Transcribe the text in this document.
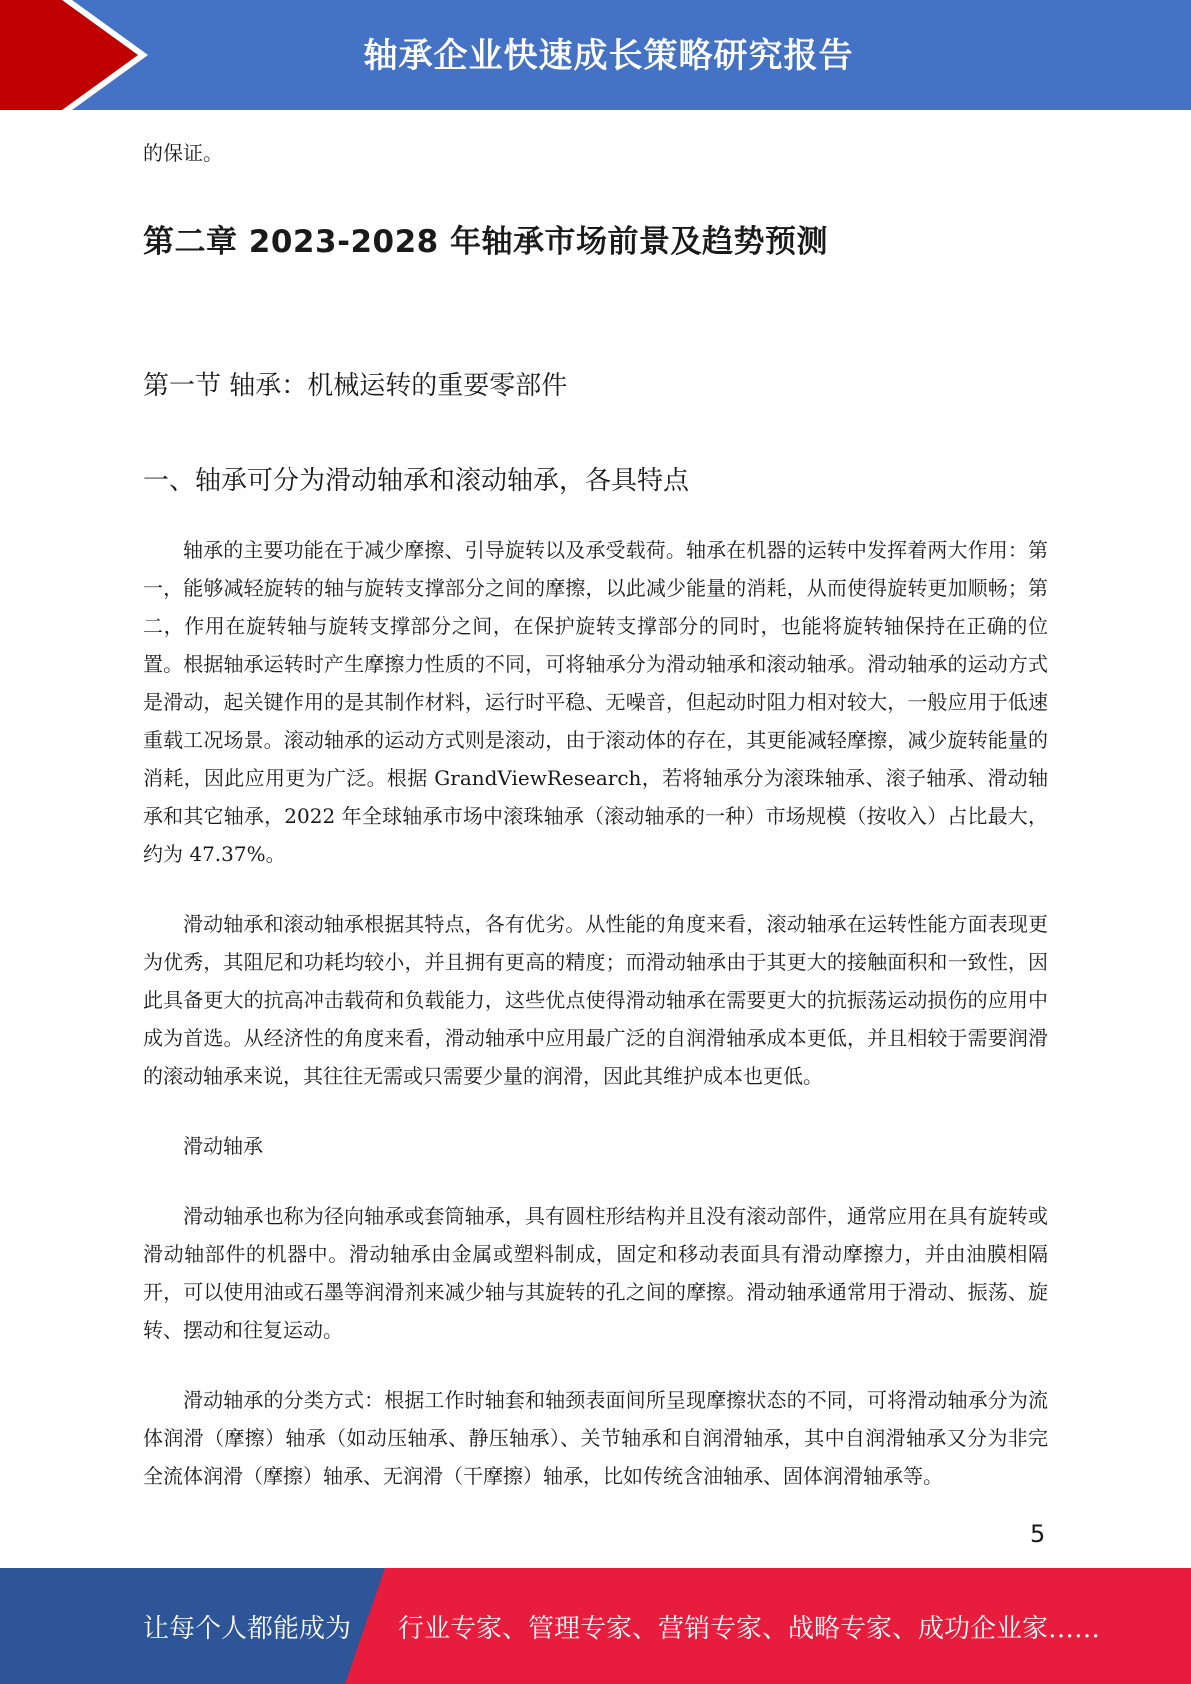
轴承企业快速成长策略研究报告

的保证。

第二章 2023-2028 年轴承市场前景及趋势预测
第一节 轴承：机械运转的重要零部件
一、轴承可分为滑动轴承和滚动轴承，各具特点

轴承的主要功能在于减少摩擦、引导旋转以及承受载荷。轴承在机器的运转中发挥着两大作用：第一，能够减轻旋转的轴与旋转支撑部分之间的摩擦，以此减少能量的消耗，从而使得旋转更加顺畅；第二，作用在旋转轴与旋转支撑部分之间，在保护旋转支撑部分的同时，也能将旋转轴保持在正确的位置。根据轴承运转时产生摩擦力性质的不同，可将轴承分为滑动轴承和滚动轴承。滑动轴承的运动方式是滑动，起关键作用的是其制作材料，运行时平稳、无噪音，但起动时阻力相对较大，一般应用于低速重载工况场景。滚动轴承的运动方式则是滚动，由于滚动体的存在，其更能减轻摩擦，减少旋转能量的消耗，因此应用更为广泛。根据 GrandViewResearch，若将轴承分为滚珠轴承、滚子轴承、滑动轴承和其它轴承，2022 年全球轴承市场中滚珠轴承（滚动轴承的一种）市场规模（按收入）占比最大，约为 47.37%。

滑动轴承和滚动轴承根据其特点，各有优劣。从性能的角度来看，滚动轴承在运转性能方面表现更为优秀，其阻尼和功耗均较小，并且拥有更高的精度；而滑动轴承由于其更大的接触面积和一致性，因此具备更大的抗高冲击载荷和负载能力，这些优点使得滑动轴承在需要更大的抗振荡运动损伤的应用中成为首选。从经济性的角度来看，滑动轴承中应用最广泛的自润滑轴承成本更低，并且相较于需要润滑的滚动轴承来说，其往往无需或只需要少量的润滑，因此其维护成本也更低。

滑动轴承

滑动轴承也称为径向轴承或套筒轴承，具有圆柱形结构并且没有滚动部件，通常应用在具有旋转或滑动轴部件的机器中。滑动轴承由金属或塑料制成，固定和移动表面具有滑动摩擦力，并由油膜相隔开，可以使用油或石墨等润滑剂来减少轴与其旋转的孔之间的摩擦。滑动轴承通常用于滑动、振荡、旋转、摆动和往复运动。

滑动轴承的分类方式：根据工作时轴套和轴颈表面间所呈现摩擦状态的不同，可将滑动轴承分为流体润滑（摩擦）轴承（如动压轴承、静压轴承）、关节轴承和自润滑轴承，其中自润滑轴承又分为非完全流体润滑（摩擦）轴承、无润滑（干摩擦）轴承，比如传统含油轴承、固体润滑轴承等。

5
让每个人都能成为 行业专家、管理专家、营销专家、战略专家、成功企业家……
